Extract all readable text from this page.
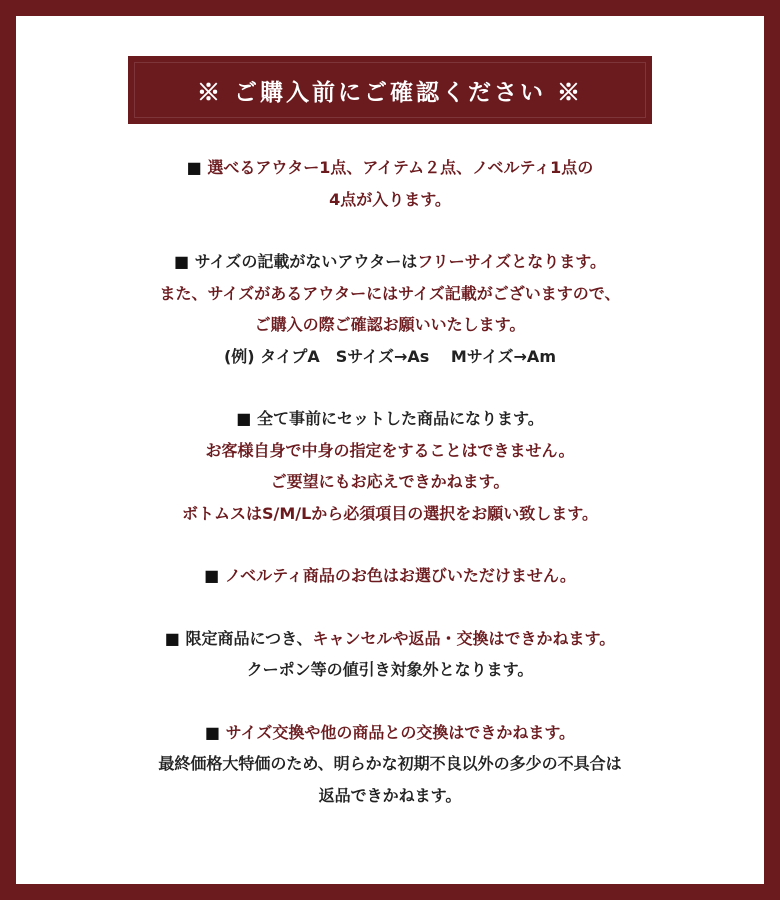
※ ご購入前にご確認ください ※
■ 選べるアウター1点、アイテム２点、ノベルティ1点の
4点が入ります。
■ サイズの記載がないアウターはフリーサイズとなります。
また、サイズがあるアウターにはサイズ記載がございますので、
ご購入の際ご確認お願いいたします。
(例) タイプA　Sサイズ→As　 Mサイズ→Am
■ 全て事前にセットした商品になります。
お客様自身で中身の指定をすることはできません。
ご要望にもお応えできかねます。
ボトムスはS/M/Lから必須項目の選択をお願い致します。
■ ノベルティ商品のお色はお選びいただけません。
■ 限定商品につき、キャンセルや返品・交換はできかねます。
クーポン等の値引き対象外となります。
■ サイズ交換や他の商品との交換はできかねます。
最終価格大特価のため、明らかな初期不良以外の多少の不具合は
返品できかねます。
